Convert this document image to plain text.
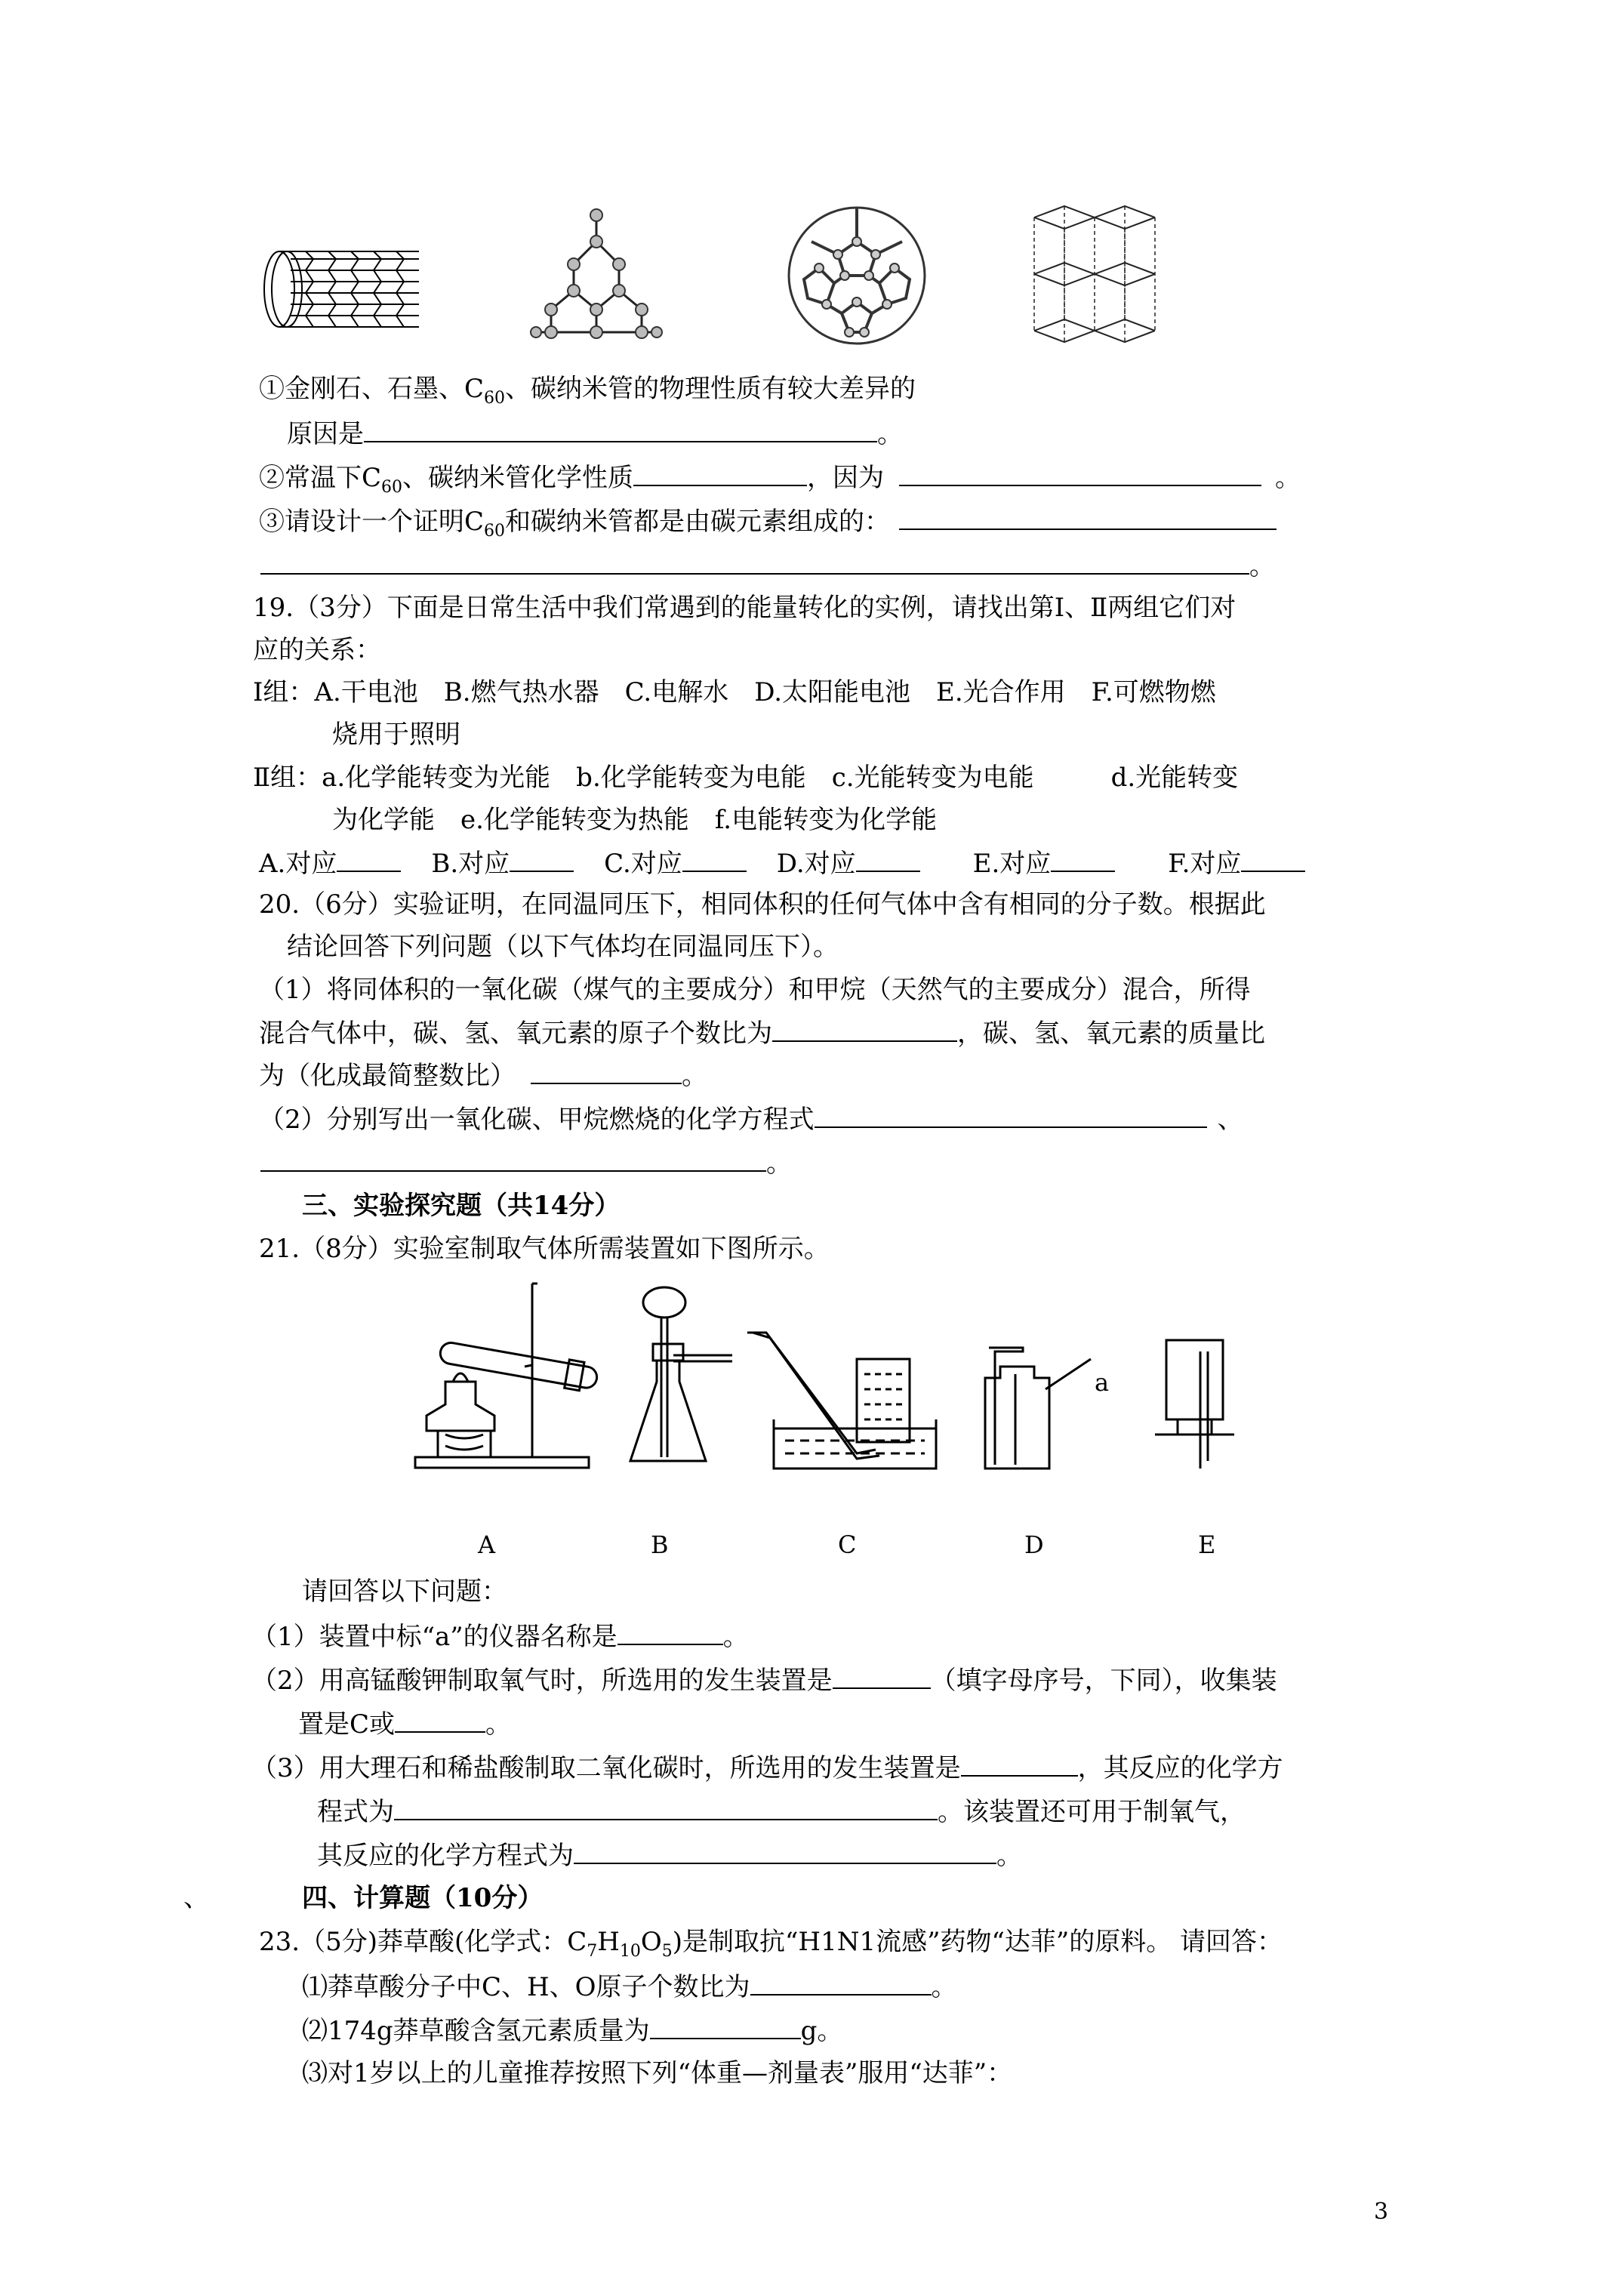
①金刚石、石墨、$C_{60}$、碳纳米管的物理性质有较大差异的
原因是	。
②常温下$C_{60}$、碳纳米管化学性质	，因为	。
③请设计一个证明$C_{60}$和碳纳米管都是由碳元素组成的：
。
19.（3分）下面是日常生活中我们常遇到的能量转化的实例，请找出第Ⅰ、Ⅱ两组它们对
应的关系：
Ⅰ组：A.干电池　B.燃气热水器　C.电解水　D.太阳能电池　E.光合作用　F.可燃物燃
烧用于照明
Ⅱ组：a.化学能转变为光能　b.化学能转变为电能　c.光能转变为电能　　　d.光能转变
为化学能　e.化学能转变为热能　f.电能转变为化学能
A.对应	B.对应	C.对应	D.对应	E.对应	F.对应
20.（6分）实验证明，在同温同压下，相同体积的任何气体中含有相同的分子数。根据此
结论回答下列问题（以下气体均在同温同压下）。
（1）将同体积的一氧化碳（煤气的主要成分）和甲烷（天然气的主要成分）混合，所得
混合气体中，碳、氢、氧元素的原子个数比为	，碳、氢、氧元素的质量比
为（化成最简整数比）	。
（2）分别写出一氧化碳、甲烷燃烧的化学方程式	、
。
三、实验探究题（共14分）
21.（8分）实验室制取气体所需装置如下图所示。
a
A	B	C	D	E
请回答以下问题：
（1）装置中标“a”的仪器名称是	。
（2）用高锰酸钾制取氧气时，所选用的发生装置是	（填字母序号，下同），收集装
置是C或	。
（3）用大理石和稀盐酸制取二氧化碳时，所选用的发生装置是	，其反应的化学方
程式为	。该装置还可用于制氧气，
其反应的化学方程式为	。
、	四、计算题（10分）
23.（5分)莽草酸(化学式：$C_7H_{10}O_5$)是制取抗“H1N1流感”药物“达菲”的原料。 请回答：
⑴莽草酸分子中C、H、O原子个数比为	。
⑵174g莽草酸含氢元素质量为	g。
⑶对1岁以上的儿童推荐按照下列“体重—剂量表”服用“达菲”：
3
